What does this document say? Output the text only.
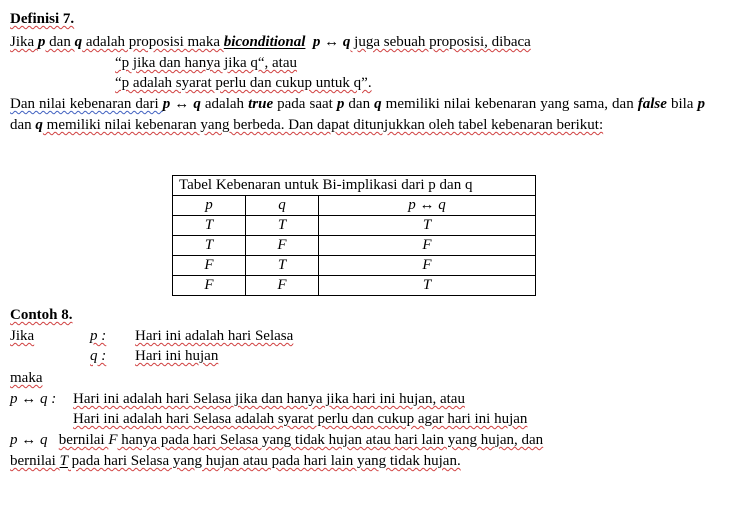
Definisi 7.
Jika p dan q adalah proposisi maka biconditional p ↔ q juga sebuah proposisi, dibaca
“p jika dan hanya jika q“, atau
“p adalah syarat perlu dan cukup untuk q”.
Dan nilai kebenaran dari p ↔ q adalah true pada saat p dan q memiliki nilai kebenaran yang sama, dan false bila p dan q memiliki nilai kebenaran yang berbeda. Dan dapat ditunjukkan oleh tabel kebenaran berikut:
Tabel Kebenaran untuk Bi-implikasi dari p dan q		
p	q	p ↔ q
T	T	T
T	F	F
F	T	F
F	F	T
Contoh 8.
Jika	p : Hari ini adalah hari Selasa
q : Hari ini hujan
maka
p ↔ q : Hari ini adalah hari Selasa jika dan hanya jika hari ini hujan, atau
Hari ini adalah hari Selasa adalah syarat perlu dan cukup agar hari ini hujan
p ↔ q bernilai F hanya pada hari Selasa yang tidak hujan atau hari lain yang hujan, dan
bernilai T pada hari Selasa yang hujan atau pada hari lain yang tidak hujan.
